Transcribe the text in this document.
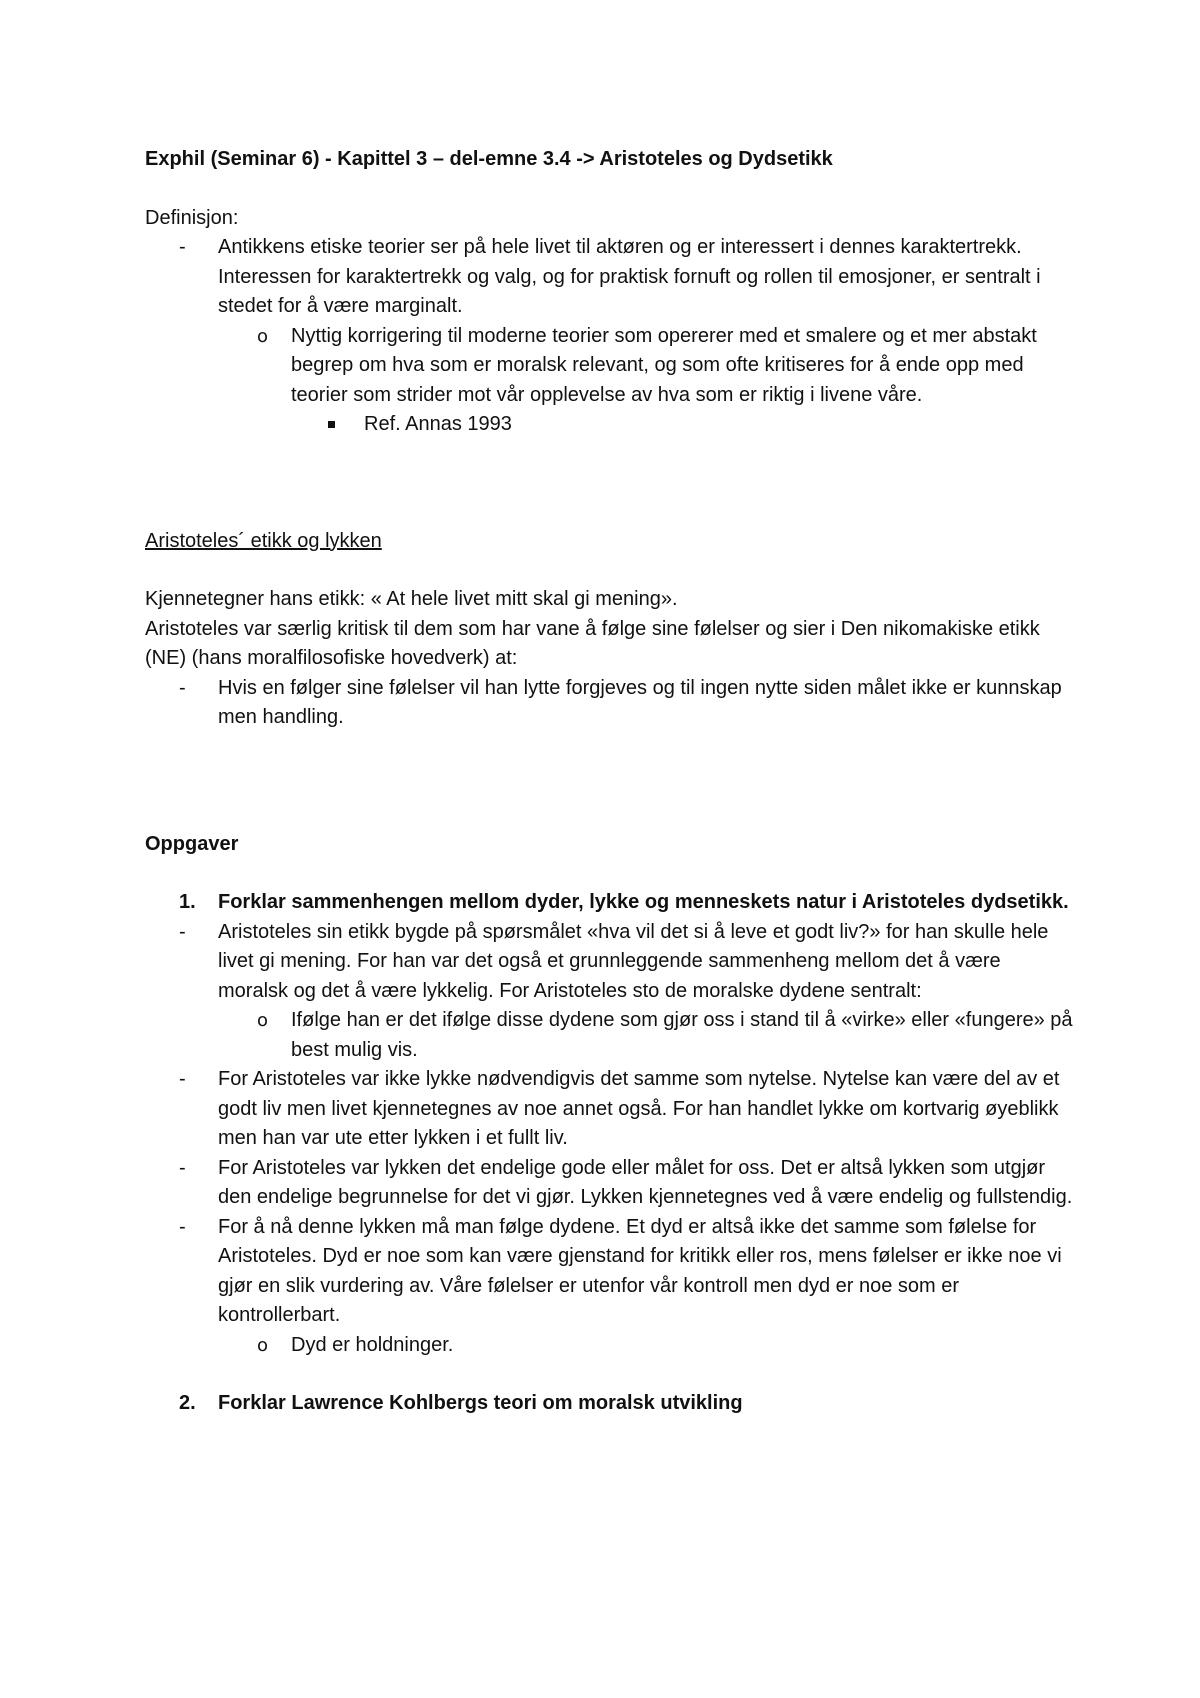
Exphil (Seminar 6) - Kapittel 3 – del-emne 3.4 -> Aristoteles og Dydsetikk

Definisjon:

- Antikkens etiske teorier ser på hele livet til aktøren og er interessert i dennes karaktertrekk. Interessen for karaktertrekk og valg, og for praktisk fornuft og rollen til emosjoner, er sentralt i stedet for å være marginalt.
o Nyttig korrigering til moderne teorier som opererer med et smalere og et mer abstakt begrep om hva som er moralsk relevant, og som ofte kritiseres for å ende opp med teorier som strider mot vår opplevelse av hva som er riktig i livene våre.
Ref. Annas 1993

Aristoteles´ etikk og lykken

Kjennetegner hans etikk: « At hele livet mitt skal gi mening».

Aristoteles var særlig kritisk til dem som har vane å følge sine følelser og sier i Den nikomakiske etikk (NE) (hans moralfilosofiske hovedverk) at:

- Hvis en følger sine følelser vil han lytte forgjeves og til ingen nytte siden målet ikke er kunnskap men handling.

Oppgaver

1. Forklar sammenhengen mellom dyder, lykke og menneskets natur i Aristoteles dydsetikk.
- Aristoteles sin etikk bygde på spørsmålet «hva vil det si å leve et godt liv?» for han skulle hele livet gi mening. For han var det også et grunnleggende sammenheng mellom det å være moralsk og det å være lykkelig. For Aristoteles sto de moralske dydene sentralt:
o Ifølge han er det ifølge disse dydene som gjør oss i stand til å «virke» eller «fungere» på best mulig vis.
- For Aristoteles var ikke lykke nødvendigvis det samme som nytelse. Nytelse kan være del av et godt liv men livet kjennetegnes av noe annet også. For han handlet lykke om kortvarig øyeblikk men han var ute etter lykken i et fullt liv.
- For Aristoteles var lykken det endelige gode eller målet for oss. Det er altså lykken som utgjør den endelige begrunnelse for det vi gjør. Lykken kjennetegnes ved å være endelig og fullstendig.
- For å nå denne lykken må man følge dydene. Et dyd er altså ikke det samme som følelse for Aristoteles. Dyd er noe som kan være gjenstand for kritikk eller ros, mens følelser er ikke noe vi gjør en slik vurdering av. Våre følelser er utenfor vår kontroll men dyd er noe som er kontrollerbart.
o Dyd er holdninger.
2. Forklar Lawrence Kohlbergs teori om moralsk utvikling
